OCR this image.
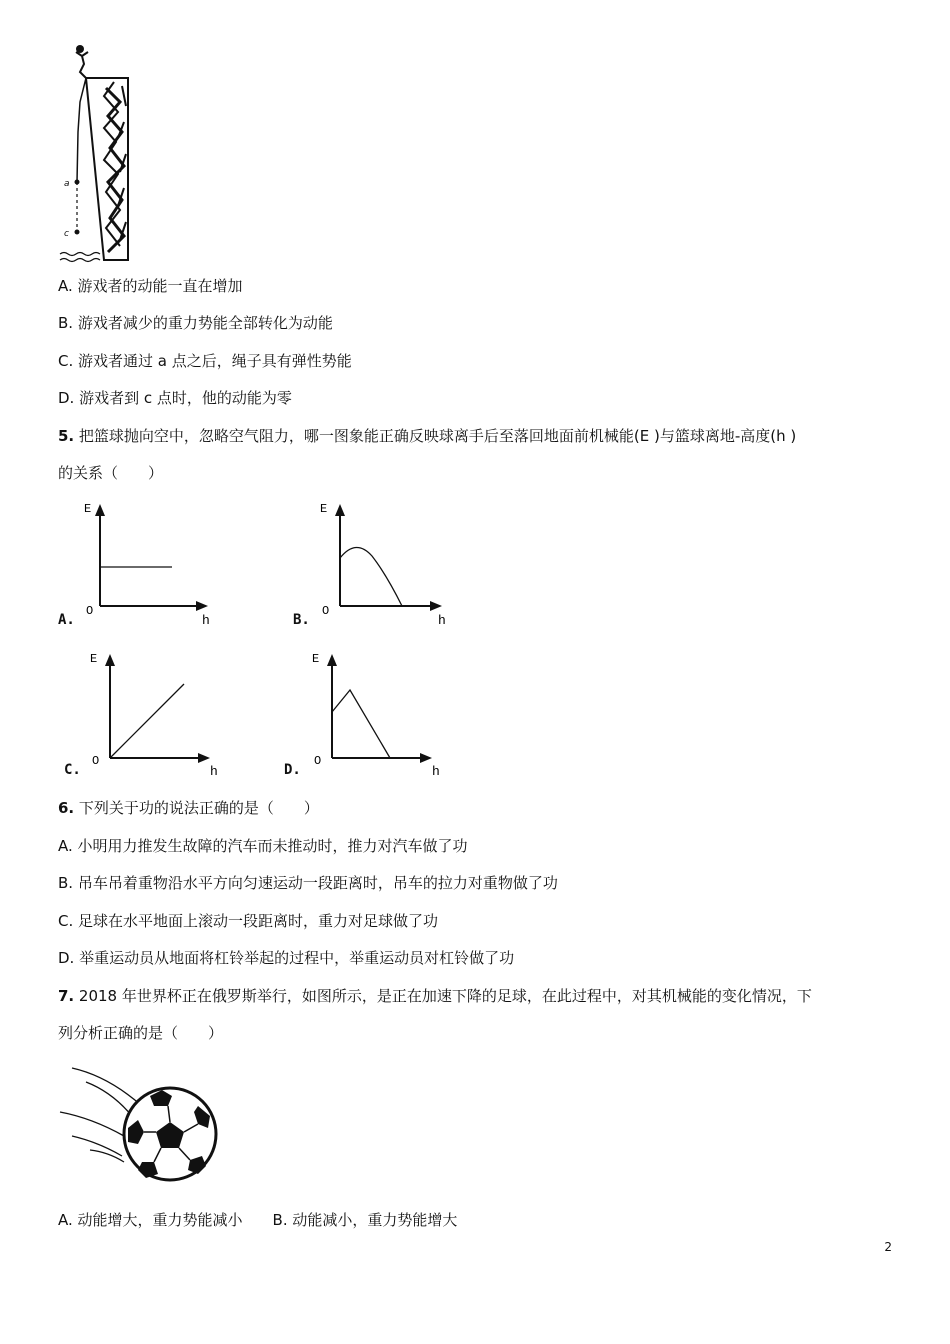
a
c
A. 游戏者的动能一直在增加
B. 游戏者减少的重力势能全部转化为动能
C. 游戏者通过 a 点之后，绳子具有弹性势能
D. 游戏者到 c 点时，他的动能为零
5. 把篮球抛向空中，忽略空气阻力，哪一图象能正确反映球离手后至落回地面前机械能(E )与篮球离地-高度(h )
的关系（　　）
A.
E
O
h	B.
E
O
h
C.
E
O
h	D.
E
O
h
6. 下列关于功的说法正确的是（　　）
A. 小明用力推发生故障的汽车而未推动时，推力对汽车做了功
B. 吊车吊着重物沿水平方向匀速运动一段距离时，吊车的拉力对重物做了功
C. 足球在水平地面上滚动一段距离时，重力对足球做了功
D. 举重运动员从地面将杠铃举起的过程中，举重运动员对杠铃做了功
7. 2018 年世界杯正在俄罗斯举行，如图所示，是正在加速下降的足球，在此过程中，对其机械能的变化情况，下
列分析正确的是（　　）
A. 动能增大，重力势能减小　　B. 动能减小，重力势能增大
2
